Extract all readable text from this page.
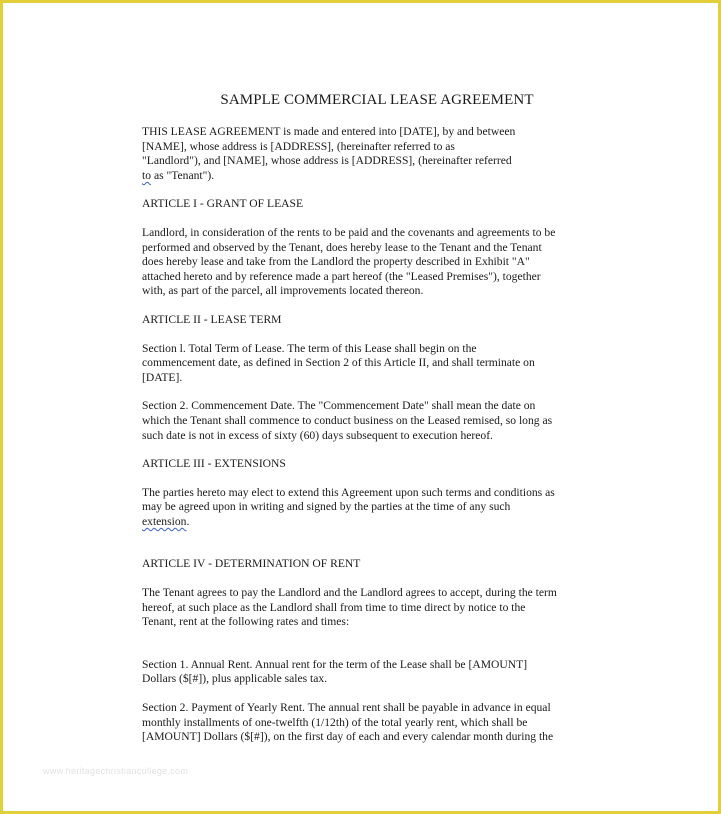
SAMPLE COMMERCIAL LEASE AGREEMENT
THIS LEASE AGREEMENT is made and entered into [DATE], by and between
[NAME], whose address is [ADDRESS], (hereinafter referred to as
"Landlord"), and [NAME], whose address is [ADDRESS], (hereinafter referred
to as "Tenant").
ARTICLE I - GRANT OF LEASE
Landlord, in consideration of the rents to be paid and the covenants and agreements to be
performed and observed by the Tenant, does hereby lease to the Tenant and the Tenant
does hereby lease and take from the Landlord the property described in Exhibit "A"
attached hereto and by reference made a part hereof (the "Leased Premises"), together
with, as part of the parcel, all improvements located thereon.
ARTICLE II - LEASE TERM
Section l. Total Term of Lease. The term of this Lease shall begin on the
commencement date, as defined in Section 2 of this Article II, and shall terminate on
[DATE].
Section 2. Commencement Date. The "Commencement Date" shall mean the date on
which the Tenant shall commence to conduct business on the Leased remised, so long as
such date is not in excess of sixty (60) days subsequent to execution hereof.
ARTICLE III - EXTENSIONS
The parties hereto may elect to extend this Agreement upon such terms and conditions as
may be agreed upon in writing and signed by the parties at the time of any such
extension.
ARTICLE IV - DETERMINATION OF RENT
The Tenant agrees to pay the Landlord and the Landlord agrees to accept, during the term
hereof, at such place as the Landlord shall from time to time direct by notice to the
Tenant, rent at the following rates and times:
Section 1. Annual Rent. Annual rent for the term of the Lease shall be [AMOUNT]
Dollars ($[#]), plus applicable sales tax.
Section 2. Payment of Yearly Rent. The annual rent shall be payable in advance in equal
monthly installments of one-twelfth (1/12th) of the total yearly rent, which shall be
[AMOUNT] Dollars ($[#]), on the first day of each and every calendar month during the
www.heritagechristiancollege.com
